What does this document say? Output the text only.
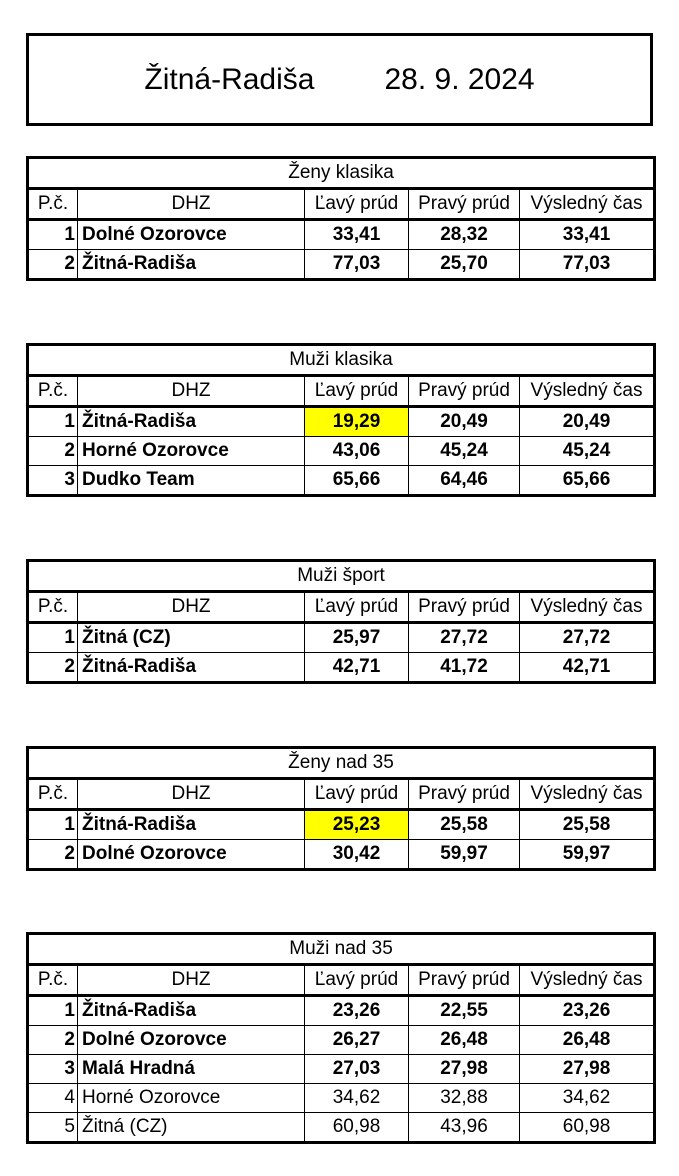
Žitná-Radiša 28. 9. 2024
Ženy klasika				
P.č.	DHZ	Ľavý prúd	Pravý prúd	Výsledný čas
1	Dolné Ozorovce	33,41	28,32	33,41
2	Žitná-Radiša	77,03	25,70	77,03
Muži klasika				
P.č.	DHZ	Ľavý prúd	Pravý prúd	Výsledný čas
1	Žitná-Radiša	19,29	20,49	20,49
2	Horné Ozorovce	43,06	45,24	45,24
3	Dudko Team	65,66	64,46	65,66
Muži šport				
P.č.	DHZ	Ľavý prúd	Pravý prúd	Výsledný čas
1	Žitná (CZ)	25,97	27,72	27,72
2	Žitná-Radiša	42,71	41,72	42,71
Ženy nad 35				
P.č.	DHZ	Ľavý prúd	Pravý prúd	Výsledný čas
1	Žitná-Radiša	25,23	25,58	25,58
2	Dolné Ozorovce	30,42	59,97	59,97
Muži nad 35				
P.č.	DHZ	Ľavý prúd	Pravý prúd	Výsledný čas
1	Žitná-Radiša	23,26	22,55	23,26
2	Dolné Ozorovce	26,27	26,48	26,48
3	Malá Hradná	27,03	27,98	27,98
4	Horné Ozorovce	34,62	32,88	34,62
5	Žitná (CZ)	60,98	43,96	60,98
